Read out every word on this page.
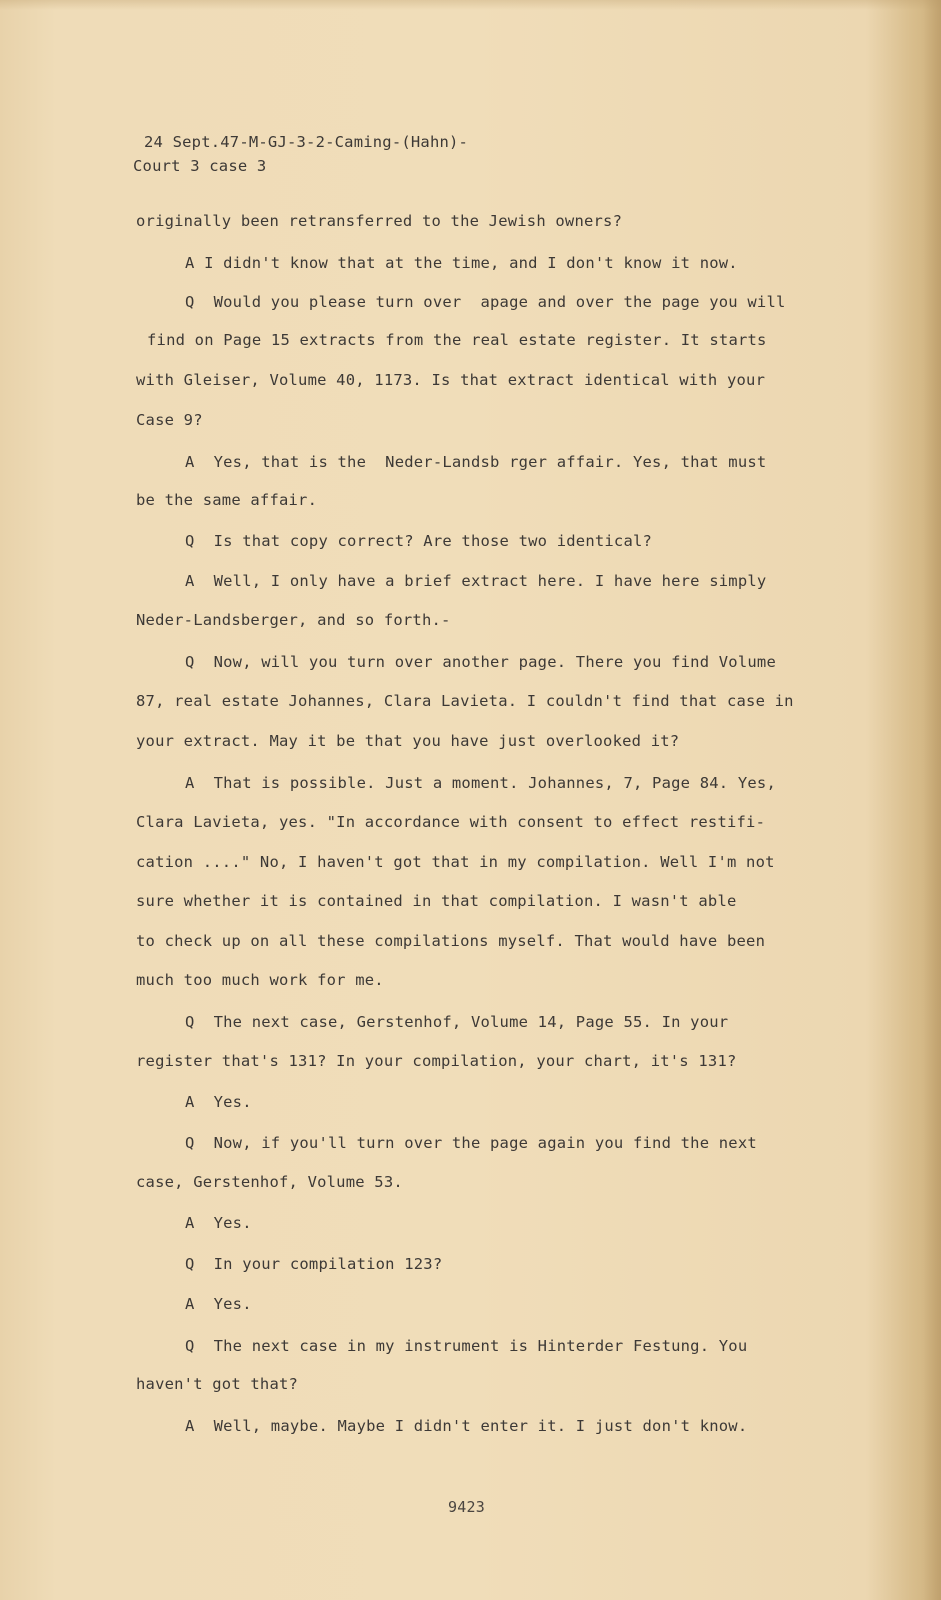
24 Sept.47-M-GJ-3-2-Caming-(Hahn)-
Court 3 case 3
originally been retransferred to the Jewish owners?
A I didn't know that at the time, and I don't know it now.
Q  Would you please turn over  apage and over the page you will
find on Page 15 extracts from the real estate register. It starts
with Gleiser, Volume 40, 1173. Is that extract identical with your
Case 9?
A  Yes, that is the  Neder-Landsb rger affair. Yes, that must
be the same affair.
Q  Is that copy correct? Are those two identical?
A  Well, I only have a brief extract here. I have here simply
Neder-Landsberger, and so forth.-
Q  Now, will you turn over another page. There you find Volume
87, real estate Johannes, Clara Lavieta. I couldn't find that case in
your extract. May it be that you have just overlooked it?
A  That is possible. Just a moment. Johannes, 7, Page 84. Yes,
Clara Lavieta, yes. "In accordance with consent to effect restifi-
cation ...." No, I haven't got that in my compilation. Well I'm not
sure whether it is contained in that compilation. I wasn't able
to check up on all these compilations myself. That would have been
much too much work for me.
Q  The next case, Gerstenhof, Volume 14, Page 55. In your
register that's 131? In your compilation, your chart, it's 131?
A  Yes.
Q  Now, if you'll turn over the page again you find the next
case, Gerstenhof, Volume 53.
A  Yes.
Q  In your compilation 123?
A  Yes.
Q  The next case in my instrument is Hinterder Festung. You
haven't got that?
A  Well, maybe. Maybe I didn't enter it. I just don't know.
9423
